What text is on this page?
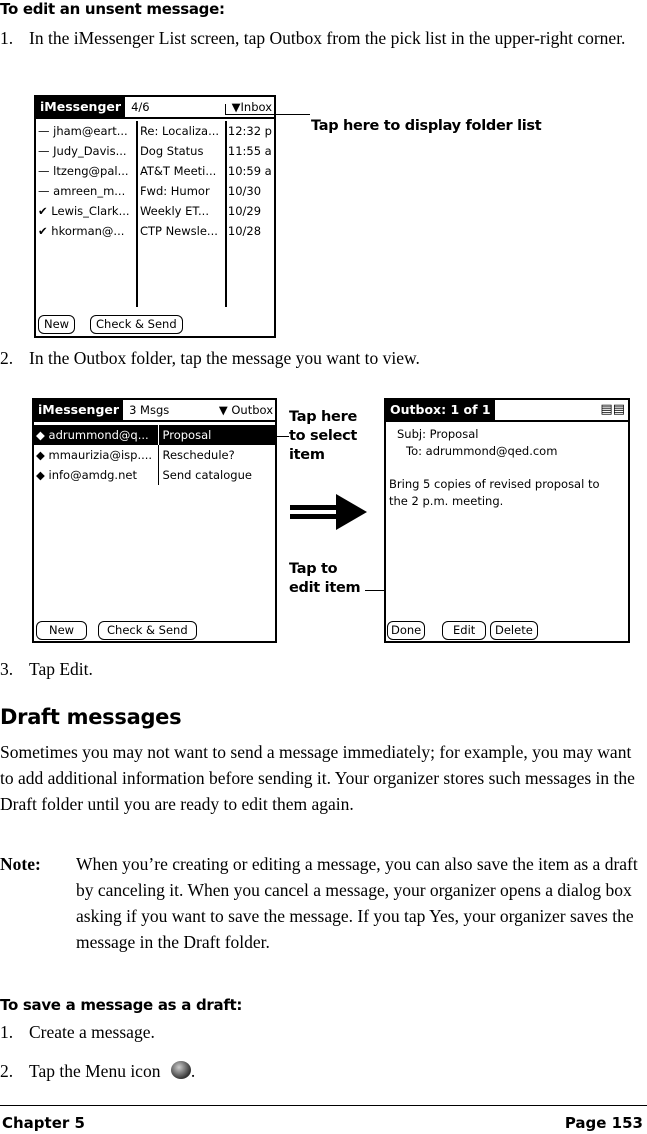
To edit an unsent message:
1. In the iMessenger List screen, tap Outbox from the pick list in the upper-right corner.
iMessenger 4/6	▼Inbox
— jham@eart...	Re: Localiza...	12:32 p
— Judy_Davis...	Dog Status	11:55 a
— ltzeng@pal...	AT&T Meeti...	10:59 a
— amreen_m...	Fwd: Humor	10/30
✔ Lewis_Clark...	Weekly ET...	10/29
✔ hkorman@...	CTP Newsle...	10/28
New	Check & Send
Tap here to display folder list
2. In the Outbox folder, tap the message you want to view.
iMessenger 3 Msgs	▼ Outbox
◆ adrummond@q...	Proposal
◆ mmaurizia@isp....	Reschedule?
◆ info@amdg.net	Send catalogue
New	Check & Send
Tap here to select item
Tap to edit item
Outbox: 1 of 1	▤▤
Subj: Proposal
To: adrummond@qed.com
Bring 5 copies of revised proposal to the 2 p.m. meeting.
Done	Edit	Delete
3. Tap Edit.
Draft messages
Sometimes you may not want to send a message immediately; for example, you may want to add additional information before sending it. Your organizer stores such messages in the Draft folder until you are ready to edit them again.
Note: When you’re creating or editing a message, you can also save the item as a draft by canceling it. When you cancel a message, your organizer opens a dialog box asking if you want to save the message. If you tap Yes, your organizer saves the message in the Draft folder.
To save a message as a draft:
1. Create a message.
2. Tap the Menu icon .
Chapter 5	Page 153
